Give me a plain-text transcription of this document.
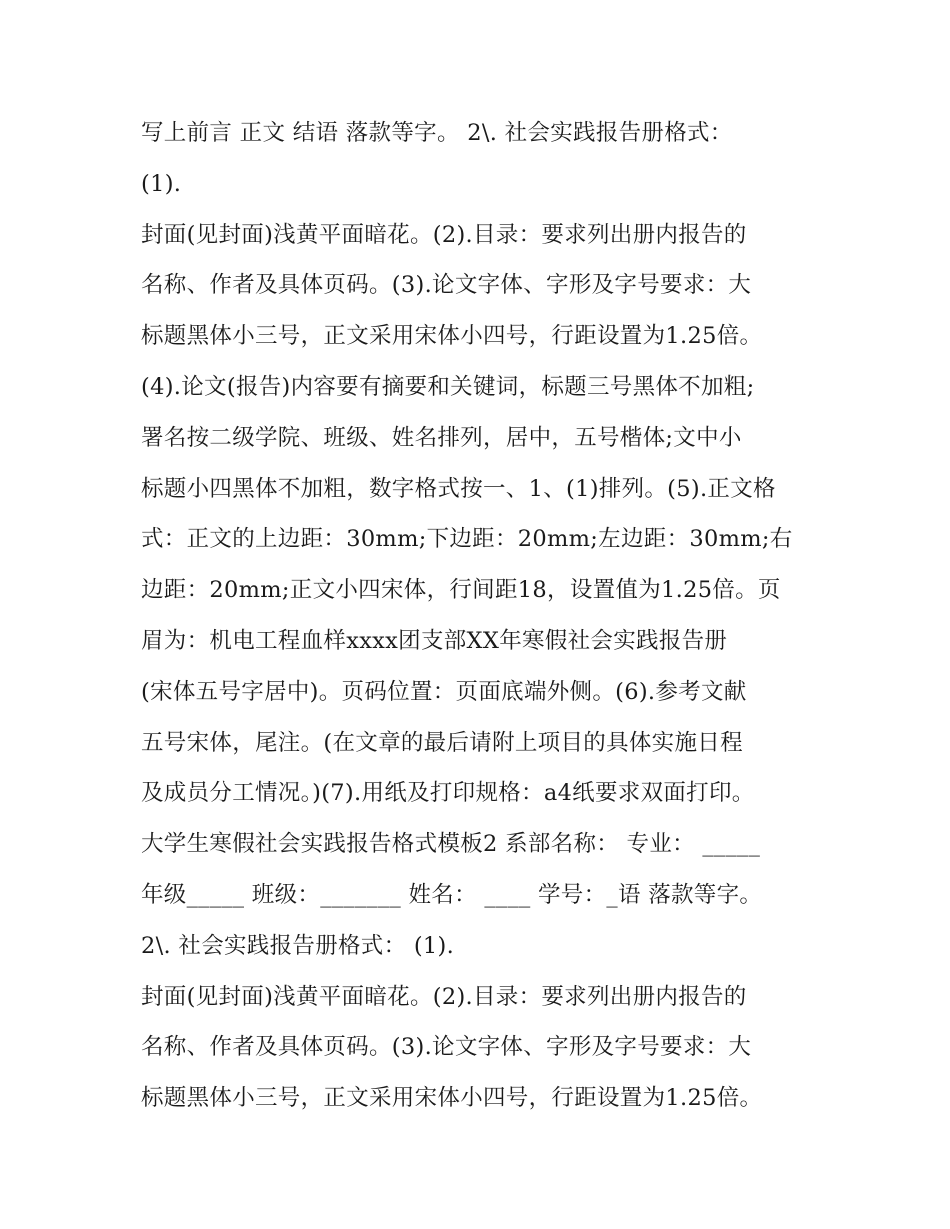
写上前言 正文 结语 落款等字。 2\. 社会实践报告册格式：
(1).
封面(见封面)浅黄平面暗花。(2).目录：要求列出册内报告的
名称、作者及具体页码。(3).论文字体、字形及字号要求：大
标题黑体小三号，正文采用宋体小四号，行距设置为1.25倍。
(4).论文(报告)内容要有摘要和关键词，标题三号黑体不加粗;
署名按二级学院、班级、姓名排列，居中，五号楷体;文中小
标题小四黑体不加粗，数字格式按一、1、(1)排列。(5).正文格
式：正文的上边距：30mm;下边距：20mm;左边距：30mm;右
边距：20mm;正文小四宋体，行间距18，设置值为1.25倍。页
眉为：机电工程血样xxxx团支部XX年寒假社会实践报告册
(宋体五号字居中)。页码位置：页面底端外侧。(6).参考文献
五号宋体，尾注。(在文章的最后请附上项目的具体实施日程
及成员分工情况。)(7).用纸及打印规格：a4纸要求双面打印。
大学生寒假社会实践报告格式模板2 系部名称： 专业： _____
年级_____ 班级：_______ 姓名： ____ 学号：_语 落款等字。
2\. 社会实践报告册格式： (1).
封面(见封面)浅黄平面暗花。(2).目录：要求列出册内报告的
名称、作者及具体页码。(3).论文字体、字形及字号要求：大
标题黑体小三号，正文采用宋体小四号，行距设置为1.25倍。
